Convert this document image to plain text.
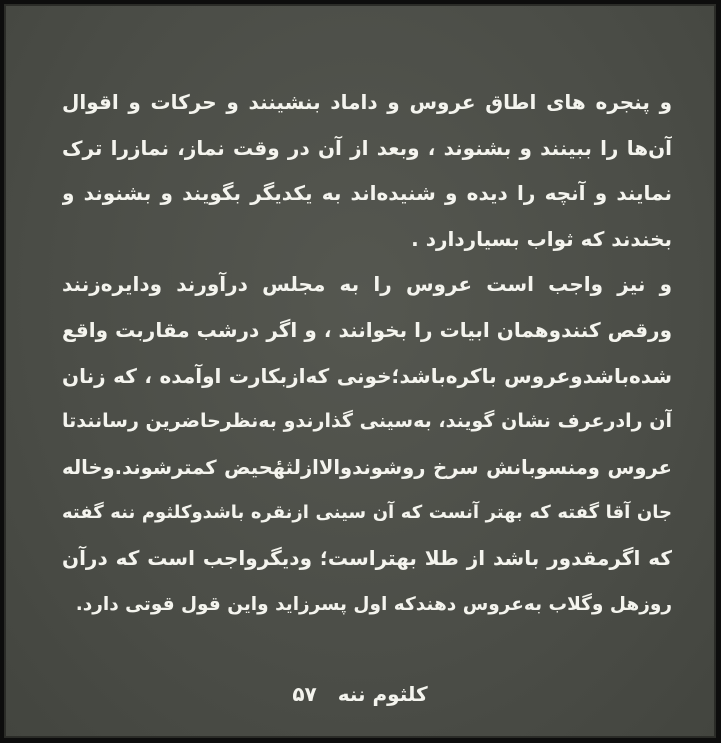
و پنجره های اطاق عروس و داماد بنشینند و حرکات و اقوال
آن‌ها را ببینند و بشنوند ، وبعد از آن در وقت نماز، نمازرا ترک
نمایند و آنچه را دیده و شنیده‌اند به یکدیگر بگویند و بشنوند و
بخندند که ثواب بسیاردارد .
و نیز واجب است عروس را به مجلس درآورند ودایره‌زنند
ورقص کنندوهمان ابیات را بخوانند ، و اگر درشب مقاربت واقع
شده‌باشدوعروس باکره‌باشد؛خونی که‌ازبکارت اوآمده ، که زنان
آن رادرعرف نشان گویند، به‌سینی گذارندو به‌نظرحاضرین رسانندتا
عروس ومنسوبانش سرخ روشوندوالاازلثهٔحیض کمترشوند.وخاله
جان آقا گفته که بهتر آنست که آن سینی ازنقره باشدوکلثوم ننه گفته
که اگرمقدور باشد از طلا بهتراست؛ ودیگرواجب است که درآن
روزهل وگلاب به‌عروس دهندکه اول پسرزاید واین قول قوتی دارد.
کلثوم ننه ۵۷
